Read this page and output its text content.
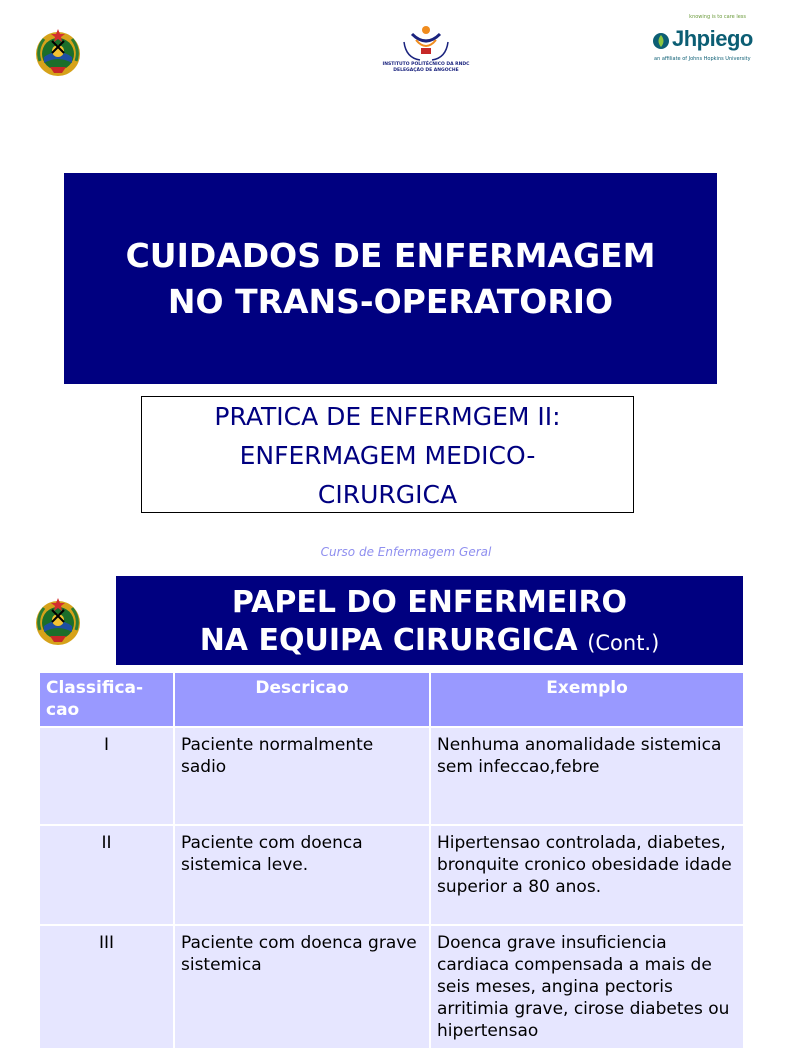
INSTITUTO POLITÉCNICO DA RNDC
DELEGAÇÃO DE ANGOCHE
knowing is to care less
Jhpiego
an affiliate of Johns Hopkins University
CUIDADOS DE ENFERMAGEM
NO TRANS-OPERATORIO
PRATICA DE ENFERMGEM II:
ENFERMAGEM MEDICO-
CIRURGICA
Curso de Enfermagem Geral
PAPEL DO ENFERMEIRO
NA EQUIPA CIRURGICA (Cont.)
Classifica-cao	Descricao	Exemplo
I	Paciente normalmente sadio	Nenhuma anomalidade sistemica sem infeccao,febre
II	Paciente com doenca sistemica leve.	Hipertensao controlada, diabetes, bronquite cronico obesidade idade superior a 80 anos.
III	Paciente com doenca grave sistemica	Doenca grave insuficiencia cardiaca compensada a mais de seis meses, angina pectoris arritimia grave, cirose diabetes ou hipertensao
